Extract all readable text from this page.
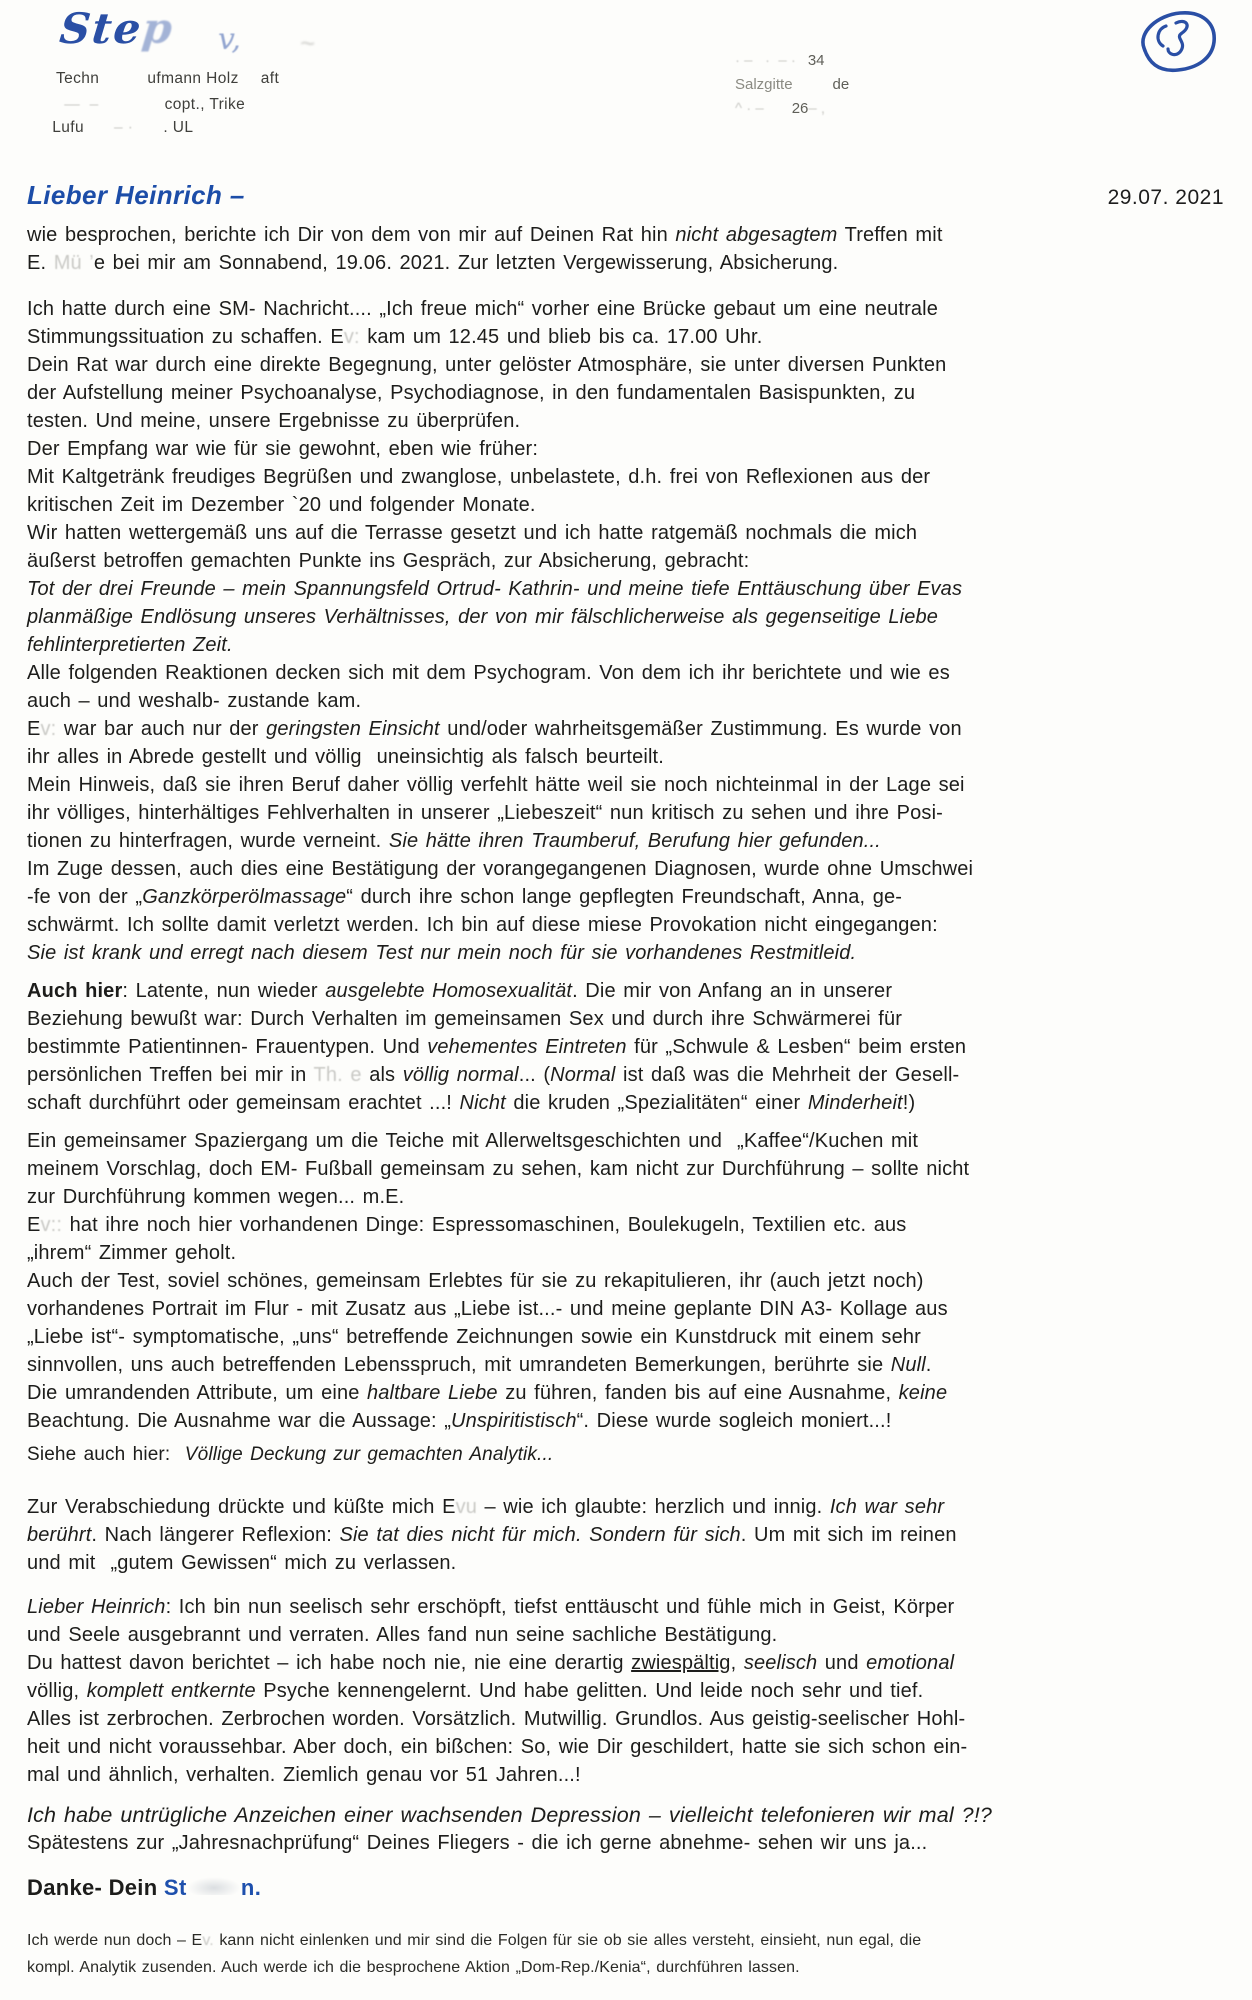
Step v, ~

Techn	ufmann Holz aft

—  –	copt., Trike

Lufu – · . UL

· –   ·  – · 34
Salzgitte	de
^ · – 26– ,
Lieber Heinrich –	29.07. 2021
wie besprochen, berichte ich Dir von dem von mir auf Deinen Rat hin nicht abgesagtem Treffen mit
E. Mü ’e bei mir am Sonnabend, 19.06. 2021. Zur letzten Vergewisserung, Absicherung.
Ich hatte durch eine SM- Nachricht.... „Ich freue mich“ vorher eine Brücke gebaut um eine neutrale
Stimmungssituation zu schaffen. Ev: kam um 12.45 und blieb bis ca. 17.00 Uhr.
Dein Rat war durch eine direkte Begegnung, unter gelöster Atmosphäre, sie unter diversen Punkten
der Aufstellung meiner Psychoanalyse, Psychodiagnose, in den fundamentalen Basispunkten, zu
testen. Und meine, unsere Ergebnisse zu überprüfen.
Der Empfang war wie für sie gewohnt, eben wie früher:
Mit Kaltgetränk freudiges Begrüßen und zwanglose, unbelastete, d.h. frei von Reflexionen aus der
kritischen Zeit im Dezember `20 und folgender Monate.
Wir hatten wettergemäß uns auf die Terrasse gesetzt und ich hatte ratgemäß nochmals die mich
äußerst betroffen gemachten Punkte ins Gespräch, zur Absicherung, gebracht:
Tot der drei Freunde – mein Spannungsfeld Ortrud- Kathrin- und meine tiefe Enttäuschung über Evas
planmäßige Endlösung unseres Verhältnisses, der von mir fälschlicherweise als gegenseitige Liebe
fehlinterpretierten Zeit.
Alle folgenden Reaktionen decken sich mit dem Psychogram. Von dem ich ihr berichtete und wie es
auch – und weshalb- zustande kam.
Ev: war bar auch nur der geringsten Einsicht und/oder wahrheitsgemäßer Zustimmung. Es wurde von
ihr alles in Abrede gestellt und völlig  uneinsichtig als falsch beurteilt.
Mein Hinweis, daß sie ihren Beruf daher völlig verfehlt hätte weil sie noch nichteinmal in der Lage sei
ihr völliges, hinterhältiges Fehlverhalten in unserer „Liebeszeit“ nun kritisch zu sehen und ihre Posi-
tionen zu hinterfragen, wurde verneint. Sie hätte ihren Traumberuf, Berufung hier gefunden...
Im Zuge dessen, auch dies eine Bestätigung der vorangegangenen Diagnosen, wurde ohne Umschwei
-fe von der „Ganzkörperölmassage“ durch ihre schon lange gepflegten Freundschaft, Anna, ge-
schwärmt. Ich sollte damit verletzt werden. Ich bin auf diese miese Provokation nicht eingegangen:
Sie ist krank und erregt nach diesem Test nur mein noch für sie vorhandenes Restmitleid.
Auch hier: Latente, nun wieder ausgelebte Homosexualität. Die mir von Anfang an in unserer
Beziehung bewußt war: Durch Verhalten im gemeinsamen Sex und durch ihre Schwärmerei für
bestimmte Patientinnen- Frauentypen. Und vehementes Eintreten für „Schwule & Lesben“ beim ersten
persönlichen Treffen bei mir in Th. e als völlig normal... (Normal ist daß was die Mehrheit der Gesell-
schaft durchführt oder gemeinsam erachtet ...! Nicht die kruden „Spezialitäten“ einer Minderheit!)
Ein gemeinsamer Spaziergang um die Teiche mit Allerweltsgeschichten und  „Kaffee“/Kuchen mit
meinem Vorschlag, doch EM- Fußball gemeinsam zu sehen, kam nicht zur Durchführung – sollte nicht
zur Durchführung kommen wegen... m.E.
Ev:: hat ihre noch hier vorhandenen Dinge: Espressomaschinen, Boulekugeln, Textilien etc. aus
„ihrem“ Zimmer geholt.
Auch der Test, soviel schönes, gemeinsam Erlebtes für sie zu rekapitulieren, ihr (auch jetzt noch)
vorhandenes Portrait im Flur - mit Zusatz aus „Liebe ist...- und meine geplante DIN A3- Kollage aus
„Liebe ist“- symptomatische, „uns“ betreffende Zeichnungen sowie ein Kunstdruck mit einem sehr
sinnvollen, uns auch betreffenden Lebensspruch, mit umrandeten Bemerkungen, berührte sie Null.
Die umrandenden Attribute, um eine haltbare Liebe zu führen, fanden bis auf eine Ausnahme, keine
Beachtung. Die Ausnahme war die Aussage: „Unspiritistisch“. Diese wurde sogleich moniert...!
Siehe auch hier:  Völlige Deckung zur gemachten Analytik...
Zur Verabschiedung drückte und küßte mich Evu – wie ich glaubte: herzlich und innig. Ich war sehr
berührt. Nach längerer Reflexion: Sie tat dies nicht für mich. Sondern für sich. Um mit sich im reinen
und mit  „gutem Gewissen“ mich zu verlassen.
Lieber Heinrich: Ich bin nun seelisch sehr erschöpft, tiefst enttäuscht und fühle mich in Geist, Körper
und Seele ausgebrannt und verraten. Alles fand nun seine sachliche Bestätigung.
Du hattest davon berichtet – ich habe noch nie, nie eine derartig zwiespältig, seelisch und emotional
völlig, komplett entkernte Psyche kennengelernt. Und habe gelitten. Und leide noch sehr und tief.
Alles ist zerbrochen. Zerbrochen worden. Vorsätzlich. Mutwillig. Grundlos. Aus geistig-seelischer Hohl-
heit und nicht voraussehbar. Aber doch, ein bißchen: So, wie Dir geschildert, hatte sie sich schon ein-
mal und ähnlich, verhalten. Ziemlich genau vor 51 Jahren...!
Ich habe untrügliche Anzeichen einer wachsenden Depression – vielleicht telefonieren wir mal ?!?
Spätestens zur „Jahresnachprüfung“ Deines Fliegers - die ich gerne abnehme- sehen wir uns ja...
Danke- Dein St n.
Ich werde nun doch – Ev. kann nicht einlenken und mir sind die Folgen für sie ob sie alles versteht, einsieht, nun egal, die
kompl. Analytik zusenden. Auch werde ich die besprochene Aktion „Dom-Rep./Kenia“, durchführen lassen.
